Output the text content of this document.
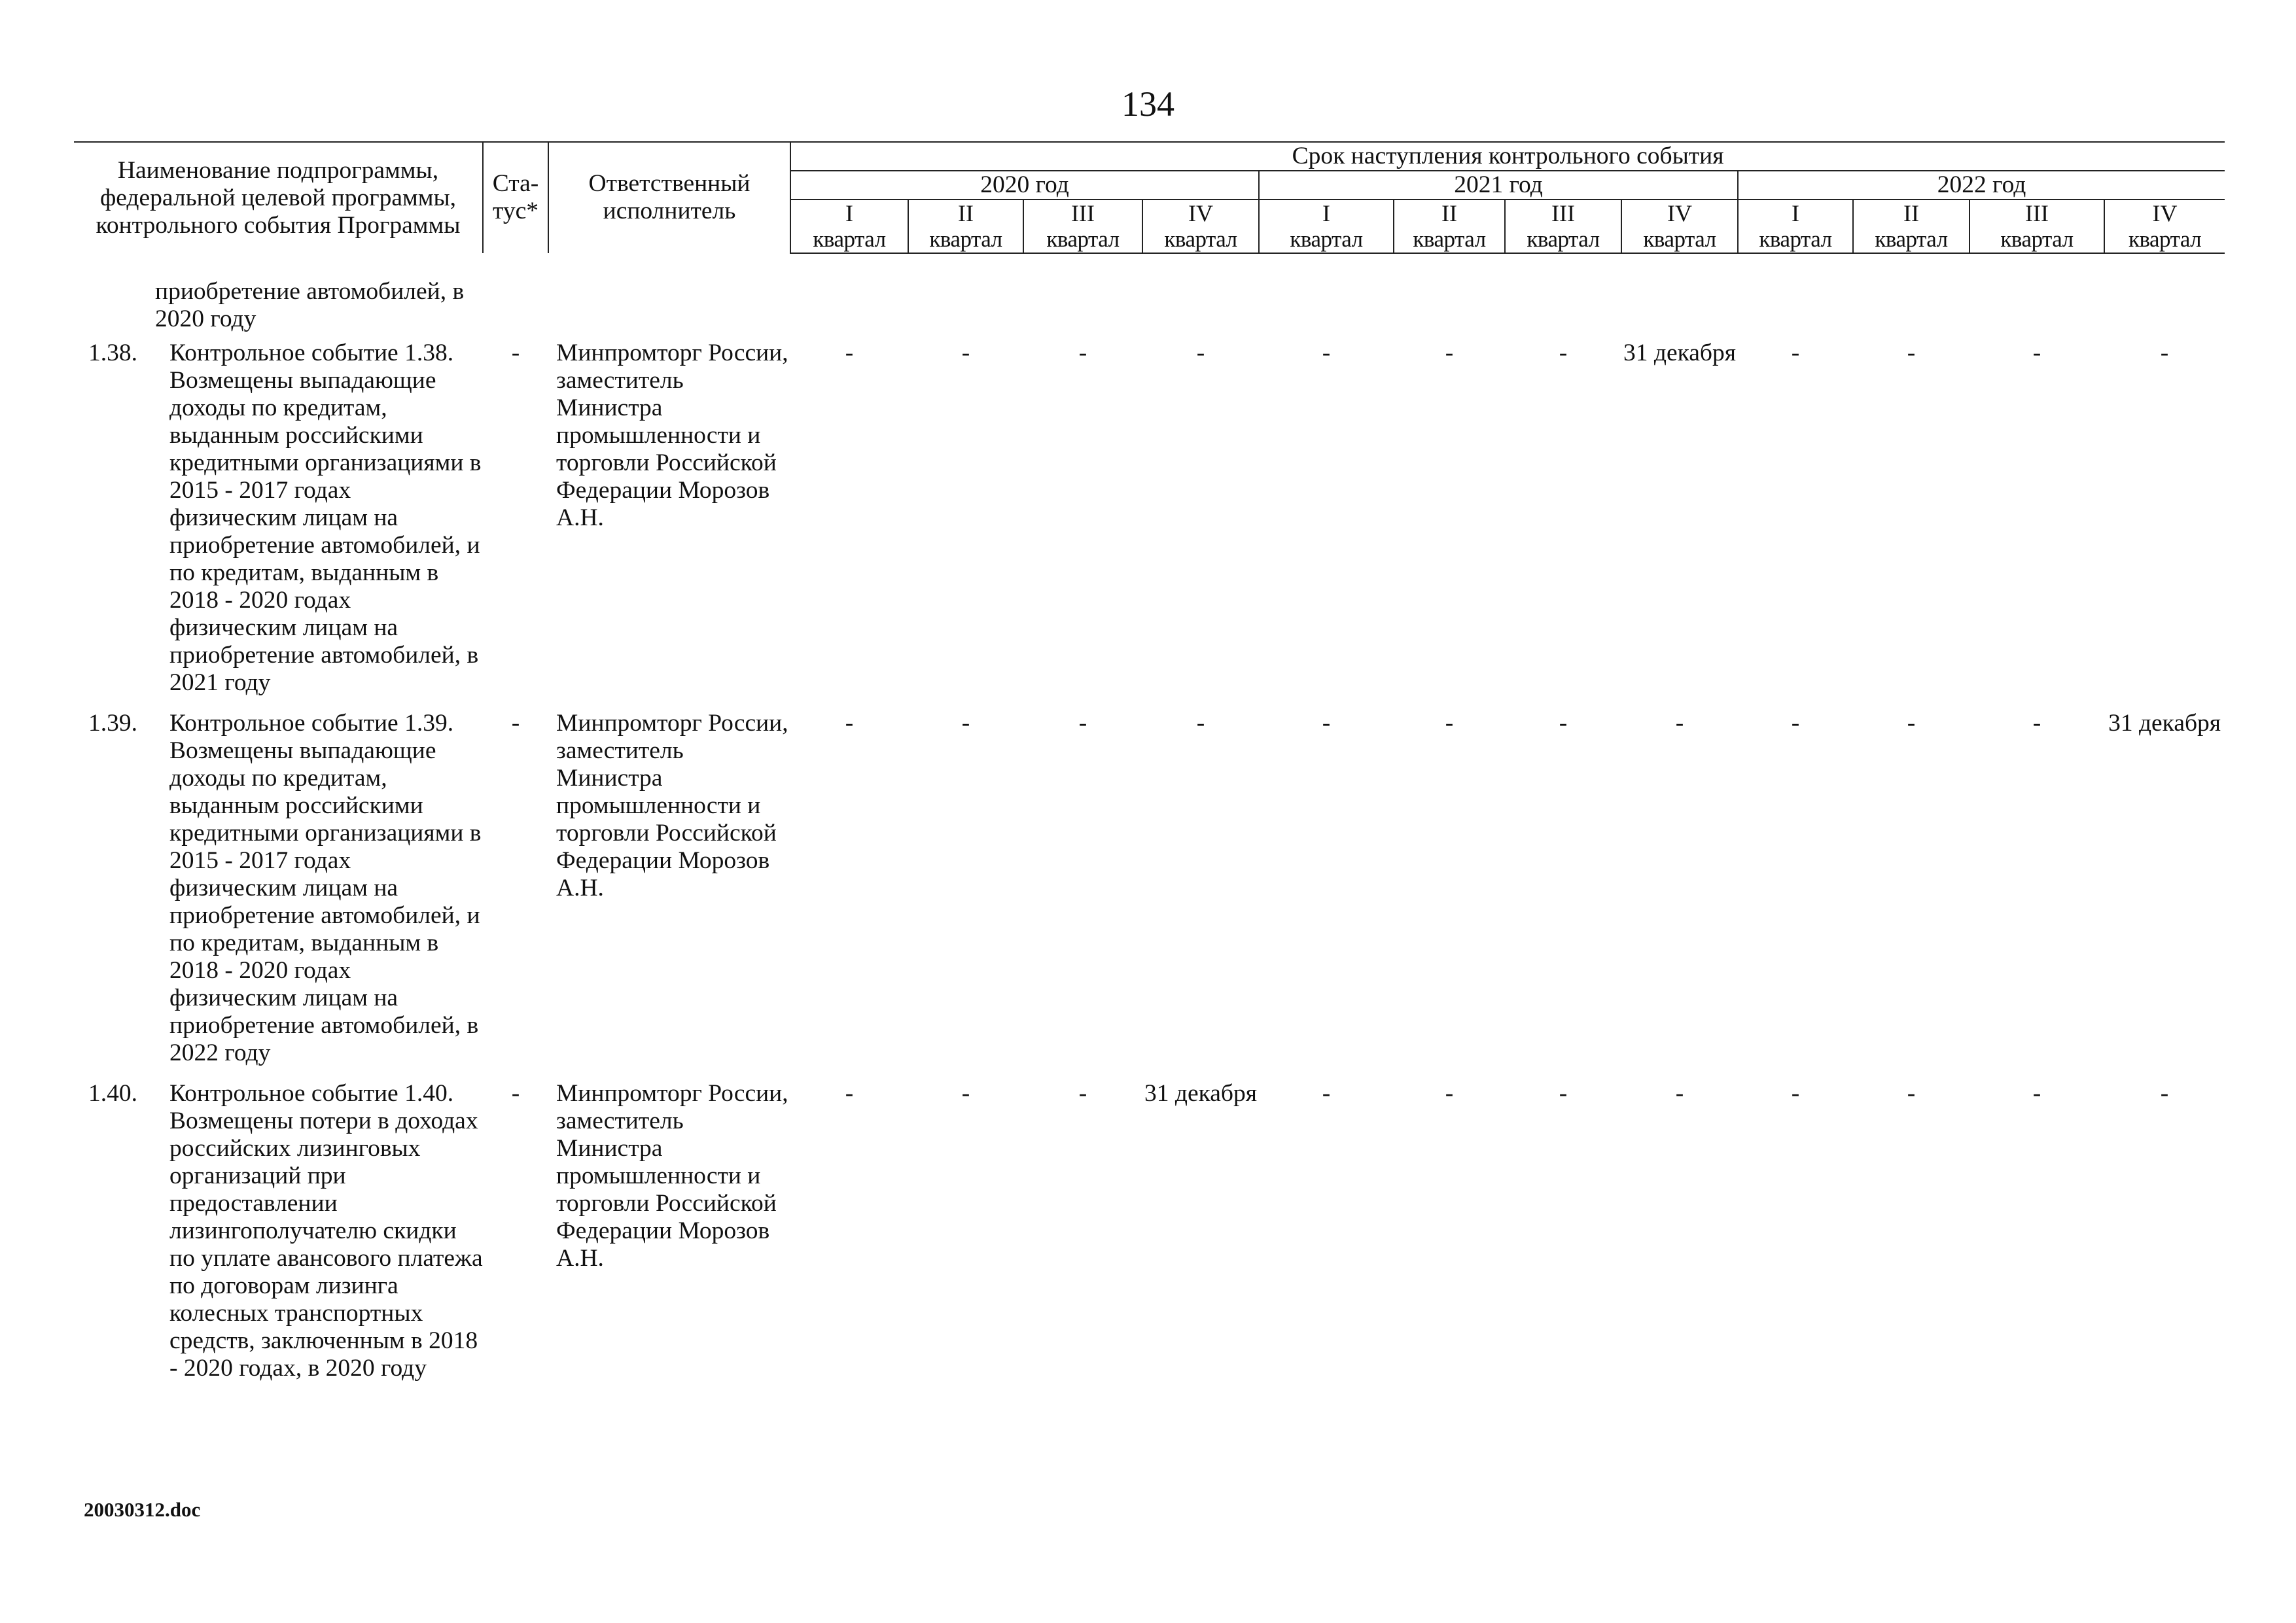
134
Наименование подпрограммы, федеральной целевой программы, контрольного события Программы	Ста-тус*	Ответственный исполнитель	Срок наступления контрольного события											
			2020 год				2021 год				2022 год			
			I	II	III	IV	I	II	III	IV	I	II	III	IV
			квартал	квартал	квартал	квартал	квартал	квартал	квартал	квартал	квартал	квартал	квартал	квартал

приобретение автомобилей, в 2020 году														

1.38. Контрольное событие 1.38. Возмещены выпадающие доходы по кредитам, выданным российскими кредитными организациями в 2015 - 2017 годах физическим лицам на приобретение автомобилей, и по кредитам, выданным в 2018 - 2020 годах физическим лицам на приобретение автомобилей, в 2021 году	-	Минпромторг России, заместитель Министра промышленности и торговли Российской Федерации Морозов А.Н.	-	-	-	-	-	-	-	31 декабря	-	-	-	-

1.39. Контрольное событие 1.39. Возмещены выпадающие доходы по кредитам, выданным российскими кредитными организациями в 2015 - 2017 годах физическим лицам на приобретение автомобилей, и по кредитам, выданным в 2018 - 2020 годах физическим лицам на приобретение автомобилей, в 2022 году	-	Минпромторг России, заместитель Министра промышленности и торговли Российской Федерации Морозов А.Н.	-	-	-	-	-	-	-	-	-	-	-	31 декабря

1.40. Контрольное событие 1.40. Возмещены потери в доходах российских лизинговых организаций при предоставлении лизингополучателю скидки по уплате авансового платежа по договорам лизинга колесных транспортных средств, заключенным в 2018 - 2020 годах, в 2020 году	-	Минпромторг России, заместитель Министра промышленности и торговли Российской Федерации Морозов А.Н.	-	-	-	31 декабря	-	-	-	-	-	-	-	-
20030312.doc
